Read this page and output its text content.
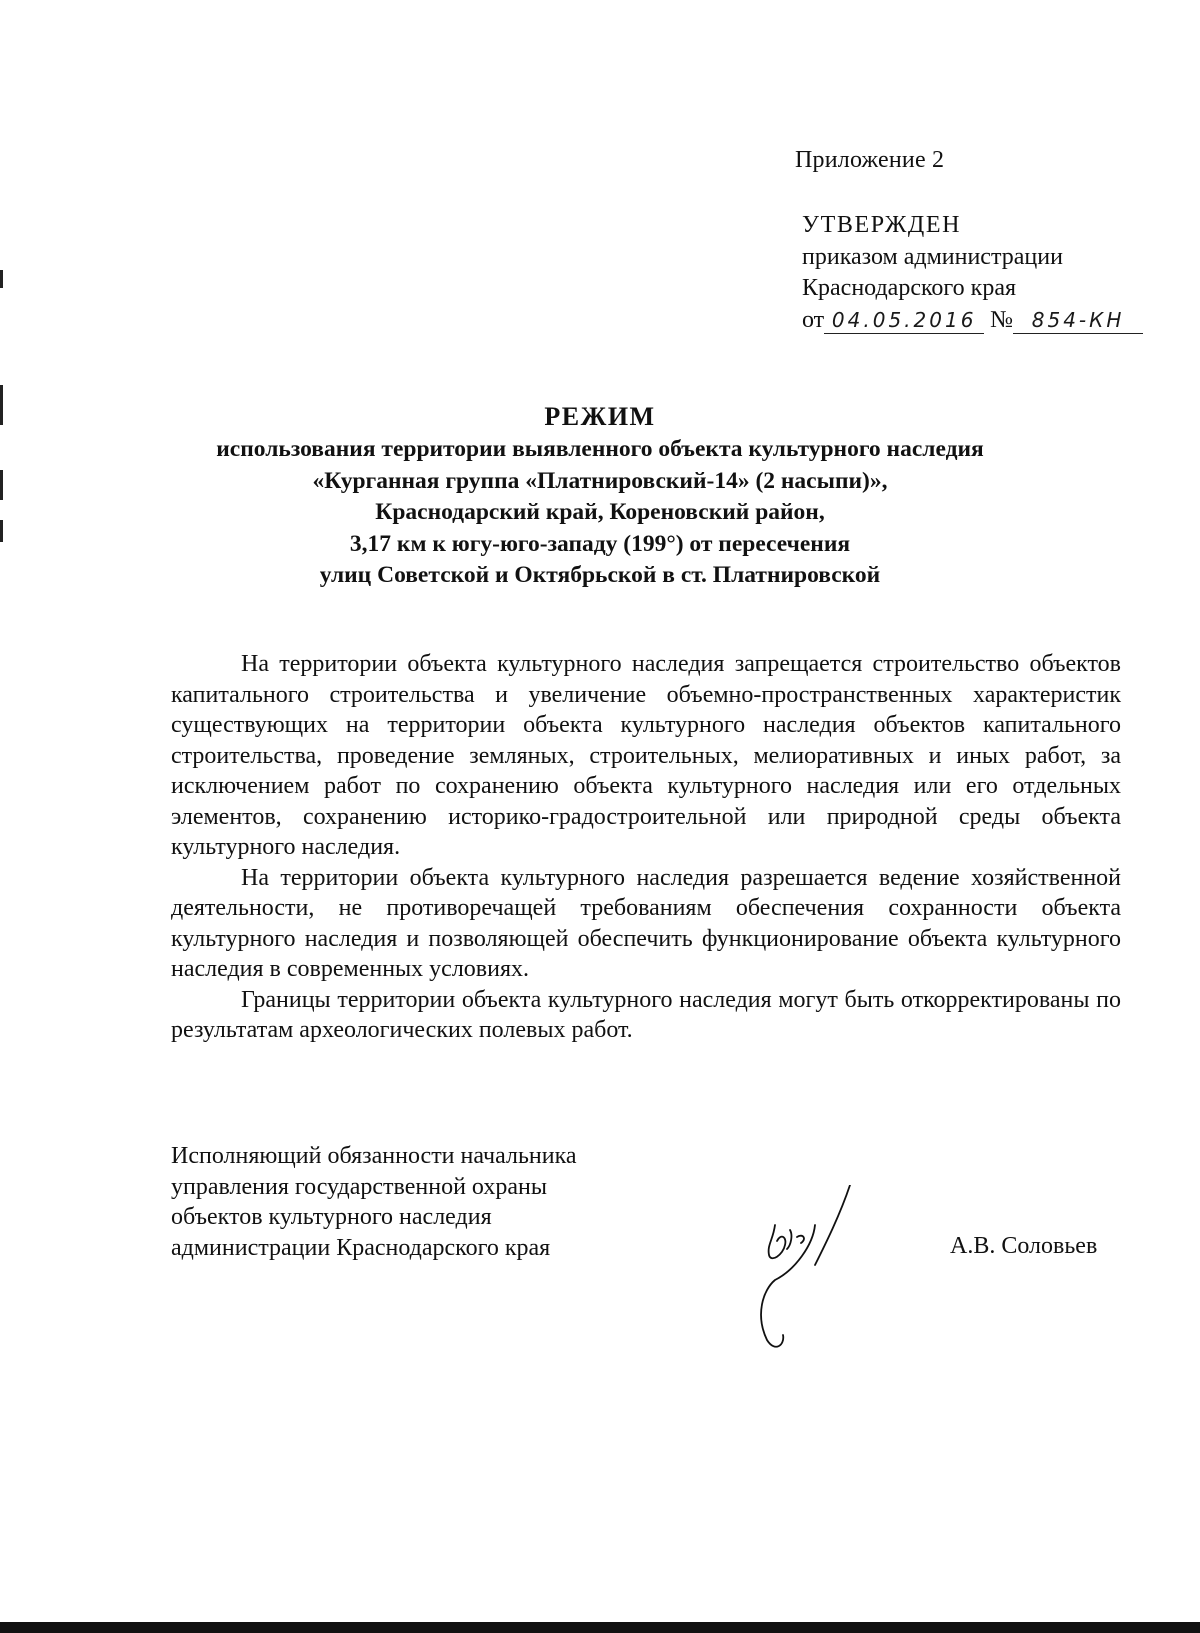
Приложение 2
УТВЕРЖДЕН
приказом администрации
Краснодарского края
от 04.05.2016 № 854-КН
РЕЖИМ
использования территории выявленного объекта культурного наследия
«Курганная группа «Платнировский-14» (2 насыпи)»,
Краснодарский край, Кореновский район,
3,17 км к югу-юго-западу (199°) от пересечения
улиц Советской и Октябрьской в ст. Платнировской

На территории объекта культурного наследия запрещается строительство объектов капитального строительства и увеличение объемно-пространственных характеристик существующих на территории объекта культурного наследия объектов капитального строительства, проведение земляных, строительных, мелиоративных и иных работ, за исключением работ по сохранению объекта культурного наследия или его отдельных элементов, сохранению историко-градостроительной или природной среды объекта культурного наследия.

На территории объекта культурного наследия разрешается ведение хозяйственной деятельности, не противоречащей требованиям обеспечения сохранности объекта культурного наследия и позволяющей обеспечить функционирование объекта культурного наследия в современных условиях.

Границы территории объекта культурного наследия могут быть откорректированы по результатам археологических полевых работ.

Исполняющий обязанности начальника
управления государственной охраны
объектов культурного наследия
администрации Краснодарского края	А.В. Соловьев
